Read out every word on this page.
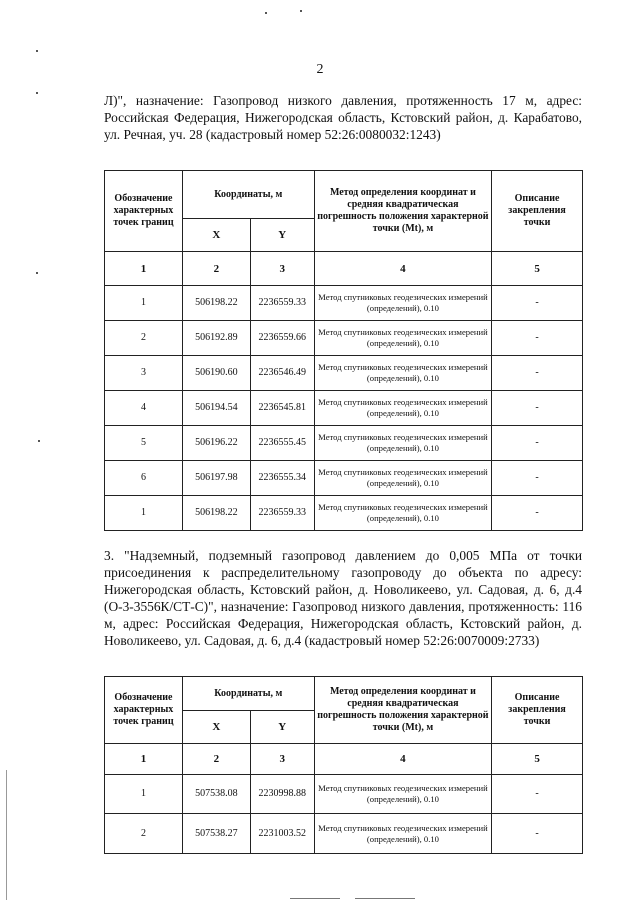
2

Л)", назначение: Газопровод низкого давления, протяженность 17 м, адрес: Российская Федерация, Нижегородская область, Кстовский район, д. Карабатово, ул. Речная, уч. 28 (кадастровый номер 52:26:0080032:1243)

Обозначение характерных точек границ	Координаты, м		Метод определения координат и средняя квадратическая погрешность положения характерной точки (Mt), м	Описание закрепления точки
	X	Y		
1	2	3	4	5
1	506198.22	2236559.33	Метод спутниковых геодезических измерений (определений), 0.10	-
2	506192.89	2236559.66	Метод спутниковых геодезических измерений (определений), 0.10	-
3	506190.60	2236546.49	Метод спутниковых геодезических измерений (определений), 0.10	-
4	506194.54	2236545.81	Метод спутниковых геодезических измерений (определений), 0.10	-
5	506196.22	2236555.45	Метод спутниковых геодезических измерений (определений), 0.10	-
6	506197.98	2236555.34	Метод спутниковых геодезических измерений (определений), 0.10	-
1	506198.22	2236559.33	Метод спутниковых геодезических измерений (определений), 0.10	-

3. "Надземный, подземный газопровод давлением до 0,005 МПа от точки присоединения к распределительному газопроводу до объекта по адресу: Нижегородская область, Кстовский район, д. Новоликеево, ул. Садовая, д. 6, д.4 (О-3-3556К/СТ-С)", назначение: Газопровод низкого давления, протяженность: 116 м, адрес: Российская Федерация, Нижегородская область, Кстовский район, д. Новоликеево, ул. Садовая, д. 6, д.4 (кадастровый номер 52:26:0070009:2733)

Обозначение характерных точек границ	Координаты, м		Метод определения координат и средняя квадратическая погрешность положения характерной точки (Mt), м	Описание закрепления точки
	X	Y		
1	2	3	4	5
1	507538.08	2230998.88	Метод спутниковых геодезических измерений (определений), 0.10	-
2	507538.27	2231003.52	Метод спутниковых геодезических измерений (определений), 0.10	-
